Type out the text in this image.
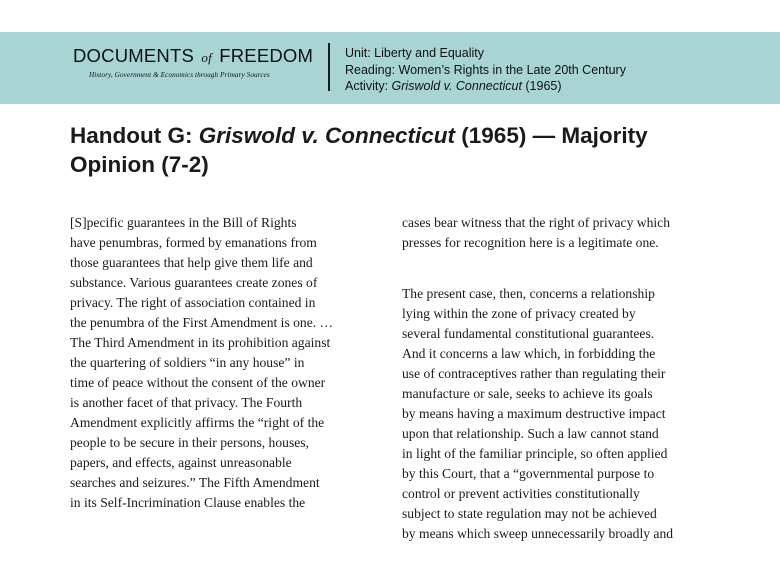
DOCUMENTS of FREEDOM
History, Government & Economics through Primary Sources
Unit: Liberty and Equality
Reading: Women’s Rights in the Late 20th Century
Activity: Griswold v. Connecticut (1965)
Handout G: Griswold v. Connecticut (1965) — Majority Opinion (7-2)

[S]pecific guarantees in the Bill of Rights
have penumbras, formed by emanations from
those guarantees that help give them life and
substance. Various guarantees create zones of
privacy. The right of association contained in
the penumbra of the First Amendment is one. …
The Third Amendment in its prohibition against
the quartering of soldiers “in any house” in
time of peace without the consent of the owner
is another facet of that privacy. The Fourth
Amendment explicitly affirms the “right of the
people to be secure in their persons, houses,
papers, and effects, against unreasonable
searches and seizures.” The Fifth Amendment
in its Self-Incrimination Clause enables the

cases bear witness that the right of privacy which
presses for recognition here is a legitimate one.

The present case, then, concerns a relationship
lying within the zone of privacy created by
several fundamental constitutional guarantees.
And it concerns a law which, in forbidding the
use of contraceptives rather than regulating their
manufacture or sale, seeks to achieve its goals
by means having a maximum destructive impact
upon that relationship. Such a law cannot stand
in light of the familiar principle, so often applied
by this Court, that a “governmental purpose to
control or prevent activities constitutionally
subject to state regulation may not be achieved
by means which sweep unnecessarily broadly and
